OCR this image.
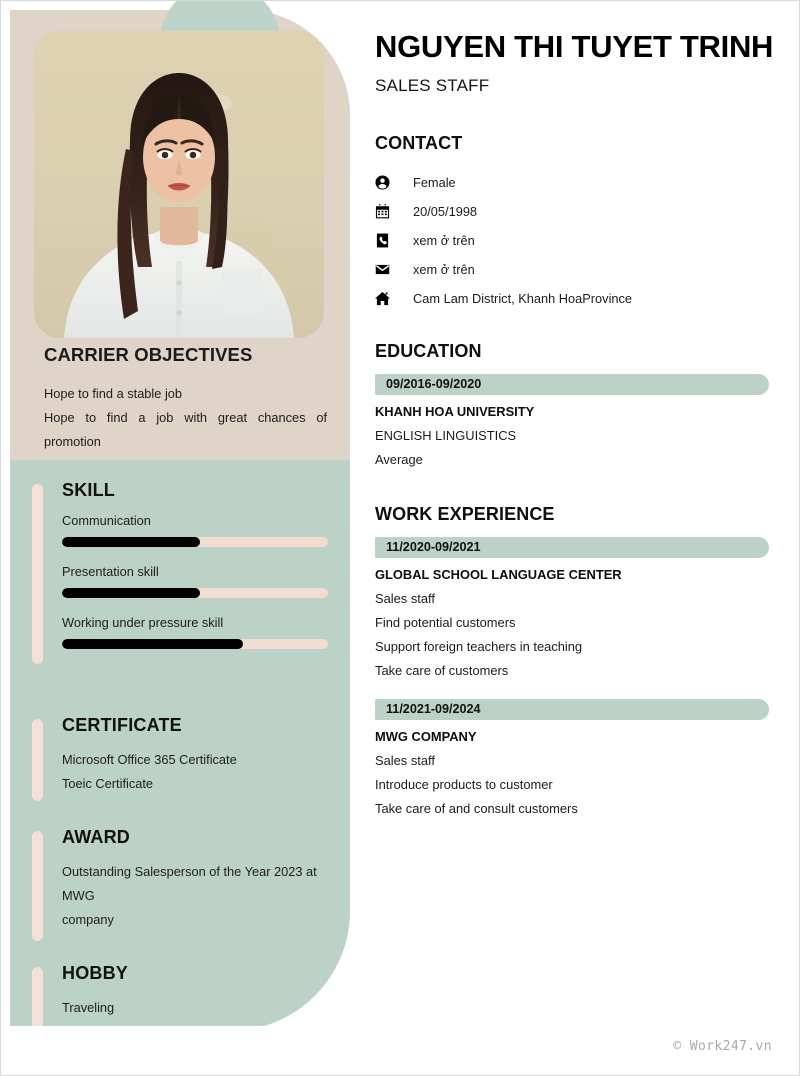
CARRIER OBJECTIVES
Hope to find a stable job
Hope to find a job with great chances of promotion
SKILL
Communication
Presentation skill
Working under pressure skill
CERTIFICATE
Microsoft Office 365 Certificate
Toeic Certificate
AWARD
Outstanding Salesperson of the Year 2023 at MWG
company
HOBBY
Traveling
NGUYEN THI TUYET TRINH
SALES STAFF
CONTACT
Female
20/05/1998
xem ở trên
xem ở trên
Cam Lam District, Khanh HoaProvince
EDUCATION
09/2016-09/2020
KHANH HOA UNIVERSITY
ENGLISH LINGUISTICS
Average
WORK EXPERIENCE
11/2020-09/2021
GLOBAL SCHOOL LANGUAGE CENTER
Sales staff
Find potential customers
Support foreign teachers in teaching
Take care of customers
11/2021-09/2024
MWG COMPANY
Sales staff
Introduce products to customer
Take care of and consult customers
© Work247.vn
